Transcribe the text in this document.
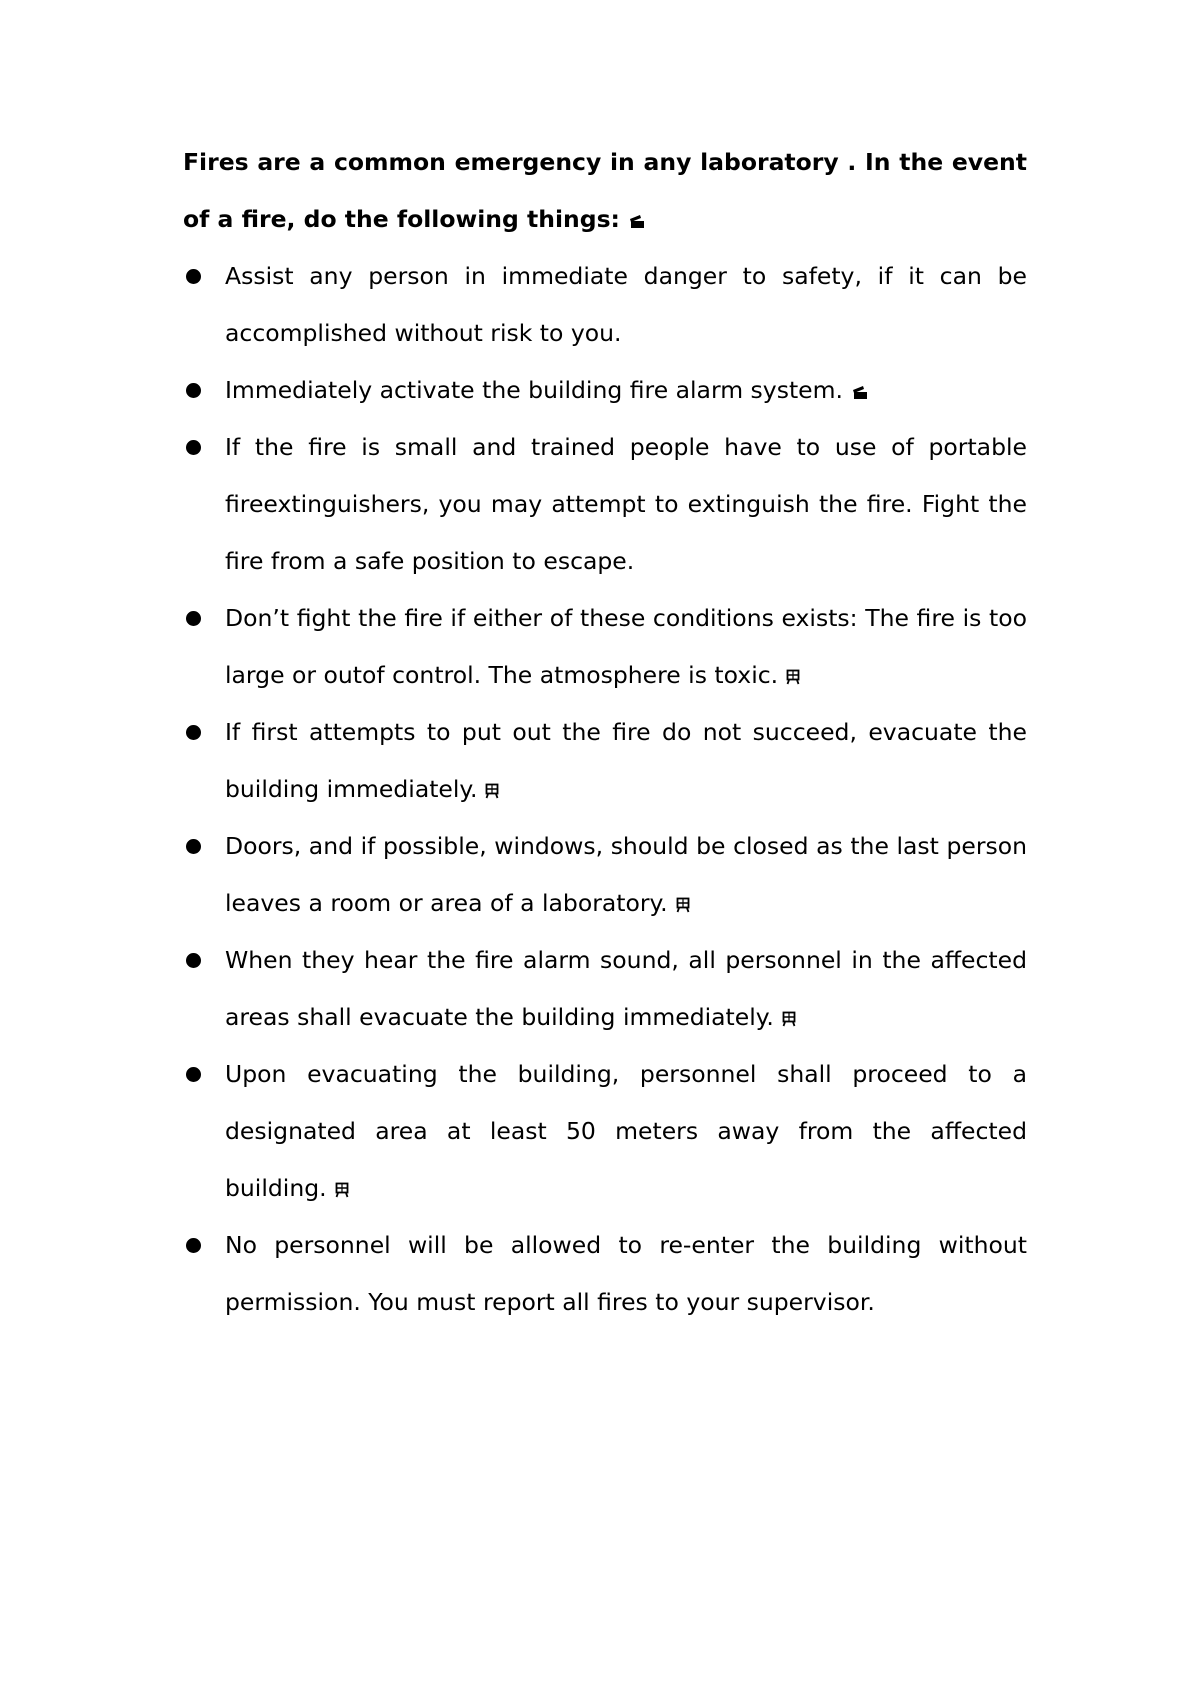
Fires are a common emergency in any laboratory . In the event of a fire, do the following things:

Assist any person in immediate danger to safety, if it can be accomplished without risk to you.
Immediately activate the building fire alarm system.
If the fire is small and trained people have to use of portable fireextinguishers, you may attempt to extinguish the fire. Fight the fire from a safe position to escape.
Don’t fight the fire if either of these conditions exists: The fire is too large or outof control. The atmosphere is toxic.
If first attempts to put out the fire do not succeed, evacuate the building immediately.
Doors, and if possible, windows, should be closed as the last person leaves a room or area of a laboratory.
When they hear the fire alarm sound, all personnel in the affected areas shall evacuate the building immediately.
Upon evacuating the building, personnel shall proceed to a designated area at least 50 meters away from the affected building.
No personnel will be allowed to re-enter the building without permission. You must report all fires to your supervisor.
